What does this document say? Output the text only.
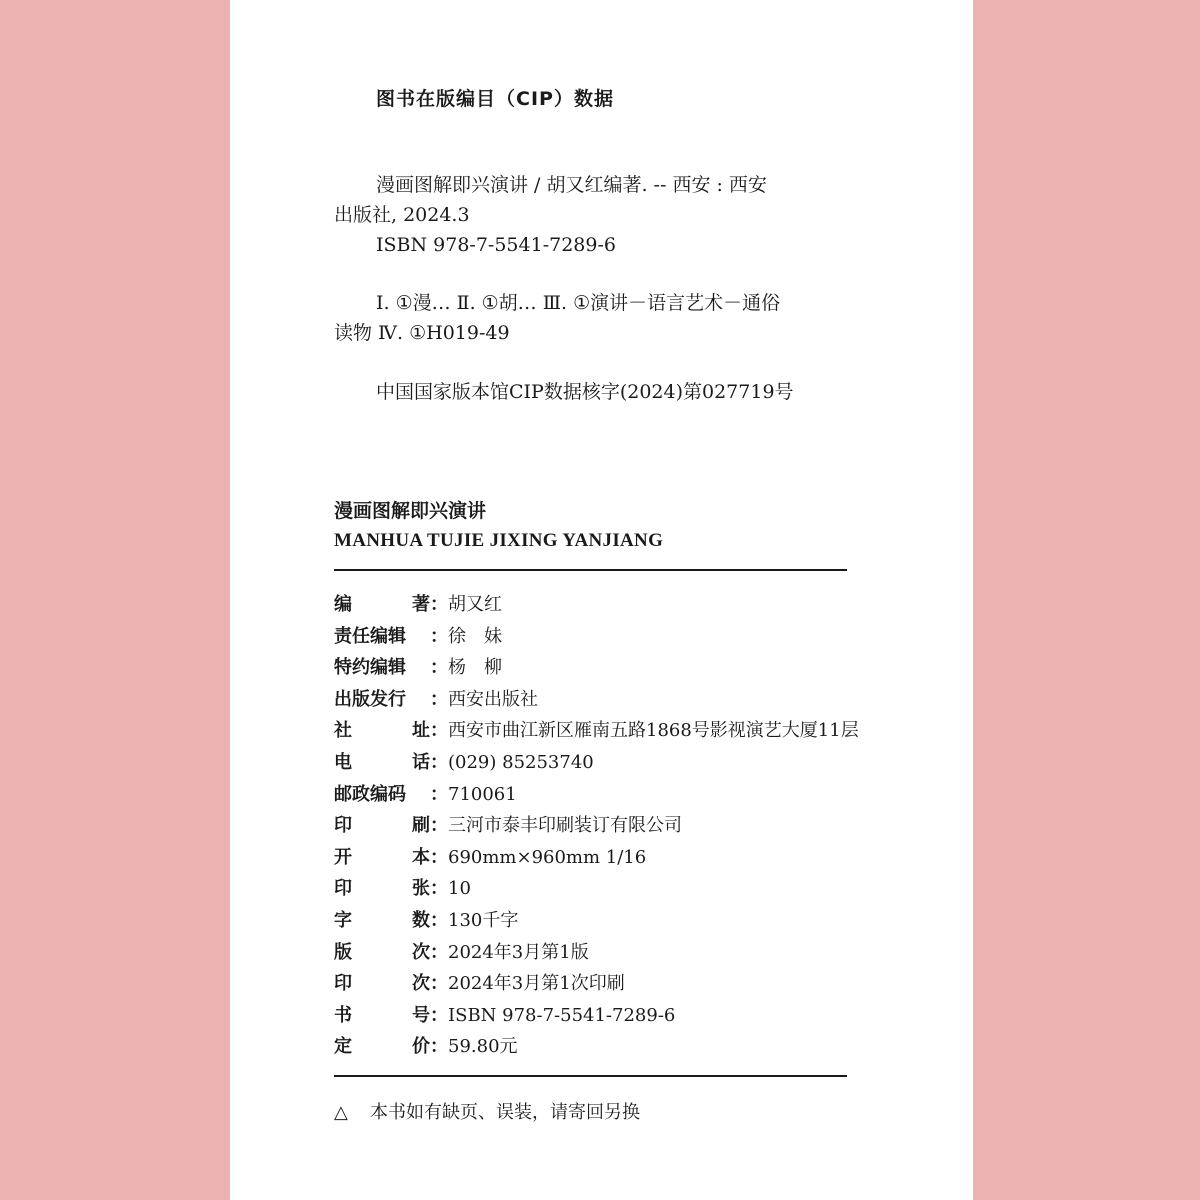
图书在版编目（CIP）数据
漫画图解即兴演讲 / 胡又红编著. -- 西安 : 西安
出版社, 2024.3
ISBN 978-7-5541-7289-6
Ⅰ. ①漫… Ⅱ. ①胡… Ⅲ. ①演讲－语言艺术－通俗
读物 Ⅳ. ①H019-49
中国国家版本馆CIP数据核字(2024)第027719号
漫画图解即兴演讲
MANHUA TUJIE JIXING YANJIANG
编	著 ： 胡又红
责任编辑 ： 徐　妹
特约编辑 ： 杨　柳
出版发行 ： 西安出版社
社	址 ： 西安市曲江新区雁南五路1868号影视演艺大厦11层
电	话 ： (029) 85253740
邮政编码 ： 710061
印	刷 ： 三河市泰丰印刷装订有限公司
开	本 ： 690mm×960mm 1/16
印	张 ： 10
字	数 ： 130千字
版	次 ： 2024年3月第1版
印	次 ： 2024年3月第1次印刷
书	号 ： ISBN 978-7-5541-7289-6
定	价 ： 59.80元
△ 本书如有缺页、误装，请寄回另换
